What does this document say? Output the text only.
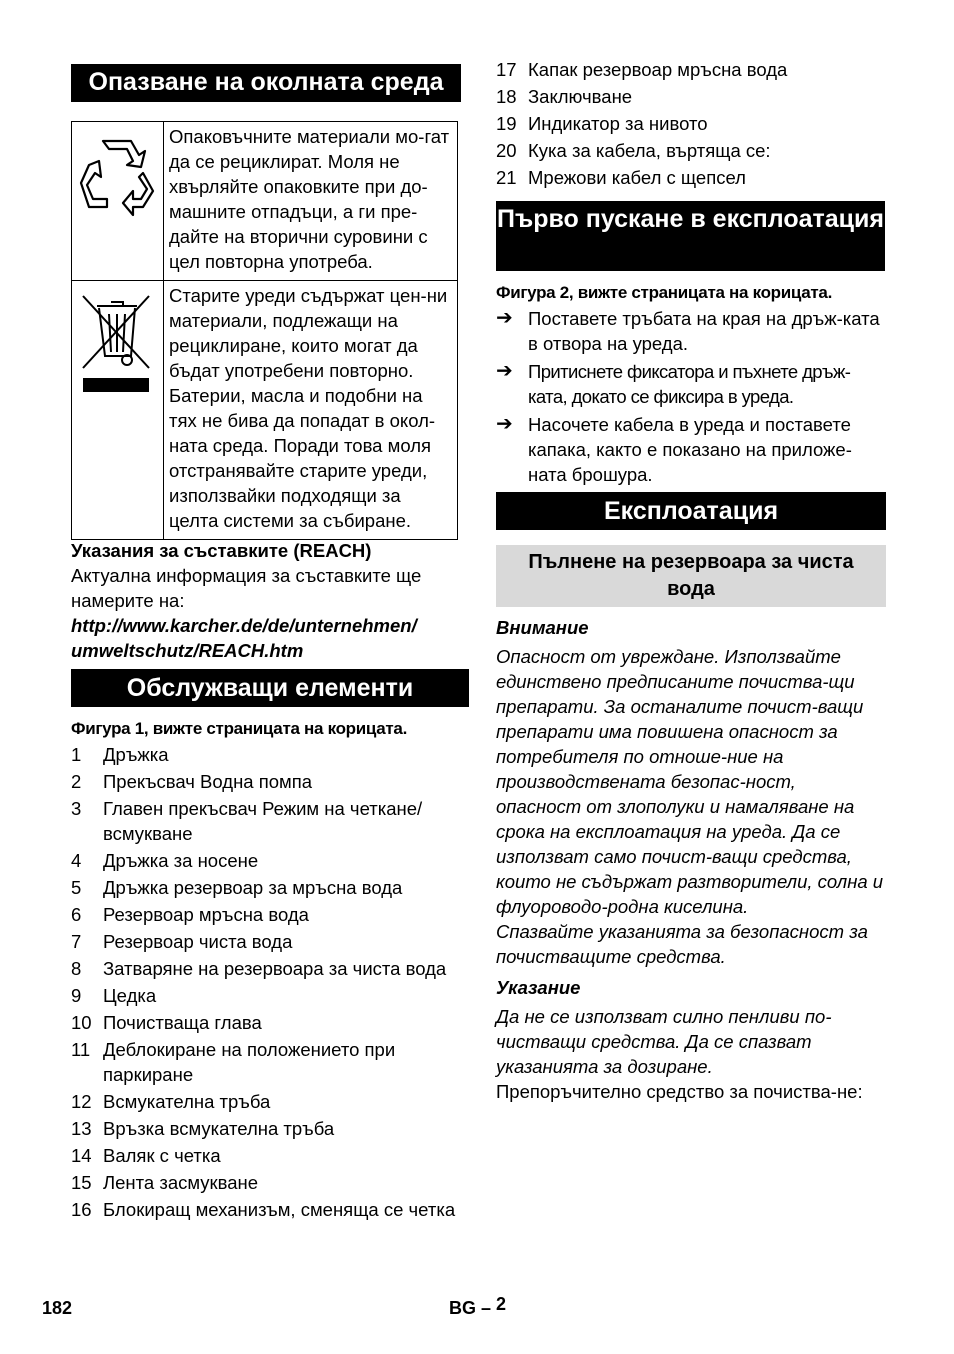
Опазване на околната среда
	Опаковъчните материали мо-гат да се рециклират. Моля не хвърляйте опаковките при до-машните отпадъци, а ги пре-дайте на вторични суровини с цел повторна употреба.
	Старите уреди съдържат цен-ни материали, подлежащи на рециклиране, които могат да бъдат употребени повторно. Батерии, масла и подобни на тях не бива да попадат в окол-ната среда. Поради това моля отстранявайте старите уреди, използвайки подходящи за целта системи за събиране.
Указания за съставките (REACH)
Актуална информация за съставките ще намерите на:
http://www.karcher.de/de/unternehmen/ umweltschutz/REACH.htm
Обслужващи елементи
Фигура 1, вижте страницата на корицата.
1	Дръжка
2	Прекъсвач Водна помпа
3	Главен прекъсвач Режим на четкане/ всмукване
4	Дръжка за носене
5	Дръжка резервоар за мръсна вода
6	Резервоар мръсна вода
7	Резервоар чиста вода
8	Затваряне на резервоара за чиста вода
9	Цедка
10 Почистваща глава
11 Деблокиране на положението при паркиране
12 Всмукателна тръба
13 Връзка всмукателна тръба
14 Валяк с четка
15 Лента засмукване
16 Блокиращ механизъм, сменяща се четка
17 Капак резервоар мръсна вода
18 Заключване
19 Индикатор за нивото
20 Кука за кабела, въртяща се:
21 Мрежови кабел с щепсел
Първо пускане в експлоатация
Фигура 2, вижте страницата на корицата.
➔ Поставете тръбата на края на дръж-ката в отвора на уреда.
➔ Притиснете фиксатора и пъхнете дръж-ката, докато се фиксира в уреда.
➔ Насочете кабела в уреда и поставете капака, както е показано на приложе-ната брошура.
Експлоатация
Пълнене на резервоара за чиста вода
Внимание
Опасност от увреждане. Използвайте единствено предписаните почиства-щи препарати. За останалите почист-ващи препарати има повишена опасност за потребителя по отноше-ние на производствената безопас-ност, опасност от злополуки и намаляване на срока на експлоатация на уреда. Да се използват само почист-ващи средства, които не съдържат разтворители, солна и флуороводо-родна киселина.
Спазвайте указанията за безопасност за почистващите средства.
Указание
Да не се използват силно пенливи по-чистващи средства. Да се спазват указанията за дозиране.
Препоръчително средство за почиства-не:
182	BG – 2
